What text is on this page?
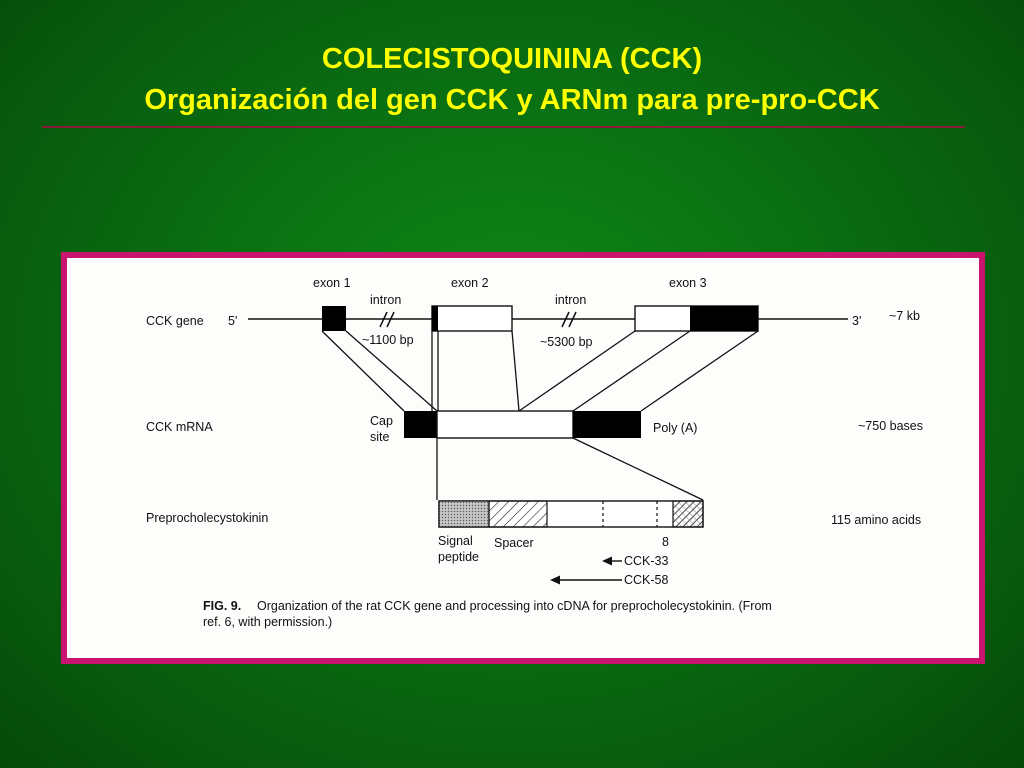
COLECISTOQUININA (CCK)
Organización del gen CCK y ARNm para pre-pro-CCK
CCK gene 5'	3' ~7 kb
exon 1
intron
~1100 bp
exon 2
intron
~5300 bp
exon 3
CCK mRNA	Cap
site
Poly (A)	~750 bases
Preprocholecystokinin	115 amino acids
Signal
peptide
Spacer	8
CCK-33
CCK-58
FIG. 9. Organization of the rat CCK gene and processing into cDNA for preprocholecystokinin. (From
ref. 6, with permission.)
